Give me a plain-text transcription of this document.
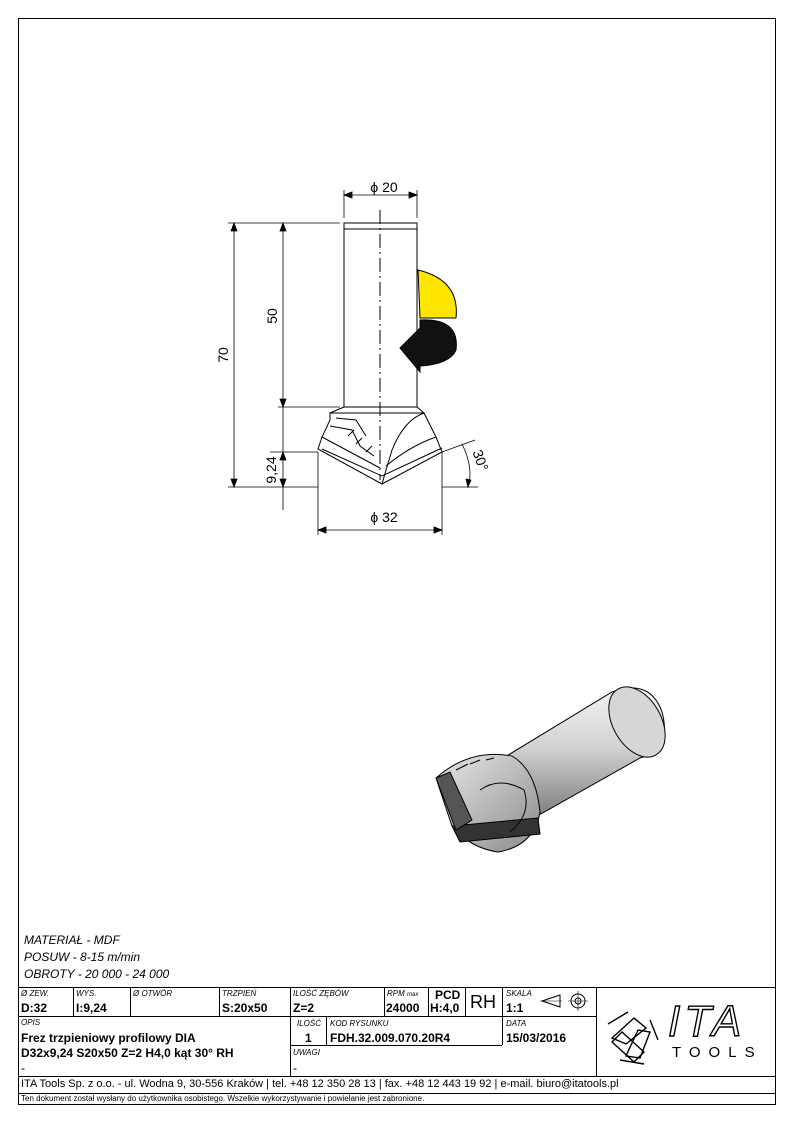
ϕ 20
ϕ 32
70
50
9,24	30°
MATERIAŁ - MDF
POSUW - 8-15 m/min
OBROTY - 20 000 - 24 000
Ø ZEW.
D:32
WYS.
I:9,24
Ø OTWÓR	TRZPIEŃ
S:20x50
ILOŚĆ ZĘBÓW
Z=2
RPM max
24000
PCD
H:4,0 RH SKALA
1:1
OPIS
Frez trzpieniowy profilowy DIA
D32x9,24 S20x50 Z=2 H4,0 kąt 30° RH
-
ILOŚĆ
1
KOD RYSUNKU
FDH.32.009.070.20R4
DATA
15/03/2016
UWAGI
-
ITA
TOOLS
ITA Tools Sp. z o.o. - ul. Wodna 9, 30-556 Kraków | tel. +48 12 350 28 13 | fax. +48 12 443 19 92 | e-mail. biuro@itatools.pl
Ten dokument został wysłany do użytkownika osobistego. Wszelkie wykorzystywanie i powielanie jest zabronione.
